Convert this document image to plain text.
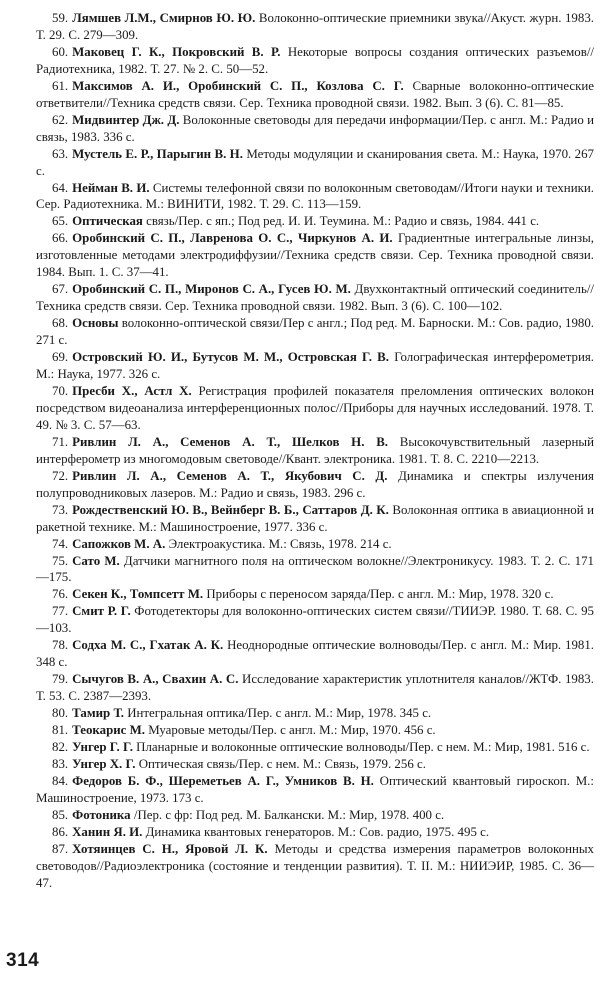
59. Лямшев Л.М., Смирнов Ю. Ю. Волоконно-оптические приемники звука//Акуст. журн. 1983. Т. 29. С. 279—309.
60. Маковец Г. К., Покровский В. Р. Некоторые вопросы создания оптических разъемов//Радиотехника, 1982. Т. 27. № 2. С. 50—52.
61. Максимов А. И., Оробинский С. П., Козлова С. Г. Сварные волоконно-оптические ответвители//Техника средств связи. Сер. Техника проводной связи. 1982. Вып. 3 (6). С. 81—85.
62. Мидвинтер Дж. Д. Волоконные световоды для передачи информации/Пер. с англ. М.: Радио и связь, 1983. 336 с.
63. Мустель Е. Р., Парыгин В. Н. Методы модуляции и сканирования света. М.: Наука, 1970. 267 с.
64. Нейман В. И. Системы телефонной связи по волоконным световодам//Итоги науки и техники. Сер. Радиотехника. М.: ВИНИТИ, 1982. Т. 29. С. 113—159.
65. Оптическая связь/Пер. с яп.; Под ред. И. И. Теумина. М.: Радио и связь, 1984. 441 с.
66. Оробинский С. П., Лавренова О. С., Чиркунов А. И. Градиентные интегральные линзы, изготовленные методами электродиффузии//Техника средств связи. Сер. Техника проводной связи. 1984. Вып. 1. С. 37—41.
67. Оробинский С. П., Миронов С. А., Гусев Ю. М. Двухконтактный оптический соединитель//Техника средств связи. Сер. Техника проводной связи. 1982. Вып. 3 (6). С. 100—102.
68. Основы волоконно-оптической связи/Пер с англ.; Под ред. М. Барноски. М.: Сов. радио, 1980. 271 с.
69. Островский Ю. И., Бутусов М. М., Островская Г. В. Голографическая интерферометрия. М.: Наука, 1977. 326 с.
70. Пресби Х., Астл Х. Регистрация профилей показателя преломления оптических волокон посредством видеоанализа интерференционных полос//Приборы для научных исследований. 1978. Т. 49. № 3. С. 57—63.
71. Ривлин Л. А., Семенов А. Т., Шелков Н. В. Высокочувствительный лазерный интерферометр из многомодовым световоде//Квант. электроника. 1981. Т. 8. С. 2210—2213.
72. Ривлин Л. А., Семенов А. Т., Якубович С. Д. Динамика и спектры излучения полупроводниковых лазеров. М.: Радио и связь, 1983. 296 с.
73. Рождественский Ю. В., Вейнберг В. Б., Саттаров Д. К. Волоконная оптика в авиационной и ракетной технике. М.: Машиностроение, 1977. 336 с.
74. Сапожков М. А. Электроакустика. М.: Связь, 1978. 214 с.
75. Сато М. Датчики магнитного поля на оптическом волокне//Электроникусу. 1983. Т. 2. С. 171—175.
76. Секен К., Томпсетт М. Приборы с переносом заряда/Пер. с англ. М.: Мир, 1978. 320 с.
77. Смит Р. Г. Фотодетекторы для волоконно-оптических систем связи//ТИИЭР. 1980. Т. 68. С. 95—103.
78. Содха М. С., Гхатак А. К. Неоднородные оптические волноводы/Пер. с англ. М.: Мир. 1981. 348 с.
79. Сычугов В. А., Свахин А. С. Исследование характеристик уплотнителя каналов//ЖТФ. 1983. Т. 53. С. 2387—2393.
80. Тамир Т. Интегральная оптика/Пер. с англ. М.: Мир, 1978. 345 с.
81. Теокарис М. Муаровые методы/Пер. с англ. М.: Мир, 1970. 456 с.
82. Унгер Г. Г. Планарные и волоконные оптические волноводы/Пер. с нем. М.: Мир, 1981. 516 с.
83. Унгер Х. Г. Оптическая связь/Пер. с нем. М.: Связь, 1979. 256 с.
84. Федоров Б. Ф., Шереметьев А. Г., Умников В. Н. Оптический квантовый гироскоп. М.: Машиностроение, 1973. 173 с.
85. Фотоника /Пер. с фр: Под ред. М. Балкански. М.: Мир, 1978. 400 с.
86. Ханин Я. И. Динамика квантовых генераторов. М.: Сов. радио, 1975. 495 с.
87. Хотяинцев С. Н., Яровой Л. К. Методы и средства измерения параметров волоконных световодов//Радиоэлектроника (состояние и тенденции развития). Т. II. М.: НИИЭИР, 1985. С. 36—47.
314
